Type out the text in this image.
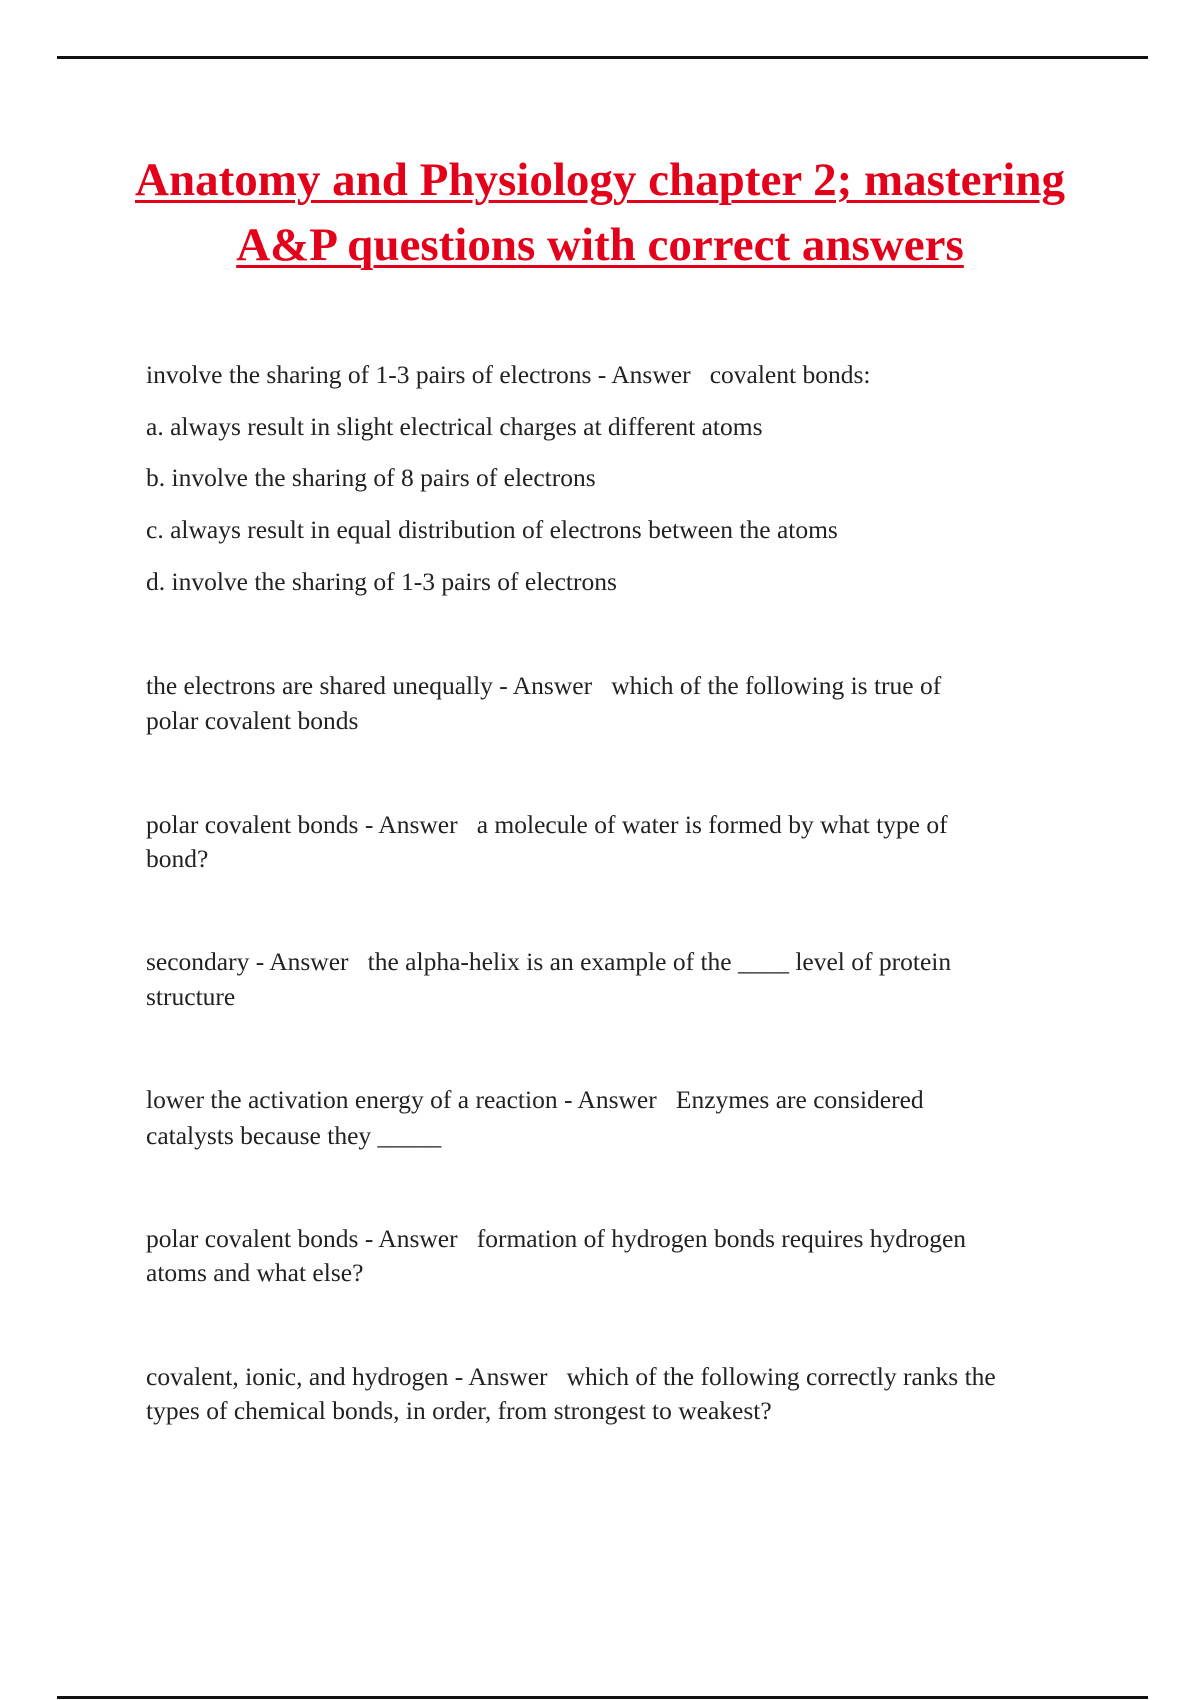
Anatomy and Physiology chapter 2; mastering A&P questions with correct answers

involve the sharing of 1-3 pairs of electrons - Answer   covalent bonds:

a. always result in slight electrical charges at different atoms

b. involve the sharing of 8 pairs of electrons

c. always result in equal distribution of electrons between the atoms

d. involve the sharing of 1-3 pairs of electrons

the electrons are shared unequally - Answer   which of the following is true of

polar covalent bonds

polar covalent bonds - Answer   a molecule of water is formed by what type of

bond?

secondary - Answer   the alpha-helix is an example of the ____ level of protein

structure

lower the activation energy of a reaction - Answer   Enzymes are considered

catalysts because they _____

polar covalent bonds - Answer   formation of hydrogen bonds requires hydrogen

atoms and what else?

covalent, ionic, and hydrogen - Answer   which of the following correctly ranks the

types of chemical bonds, in order, from strongest to weakest?
